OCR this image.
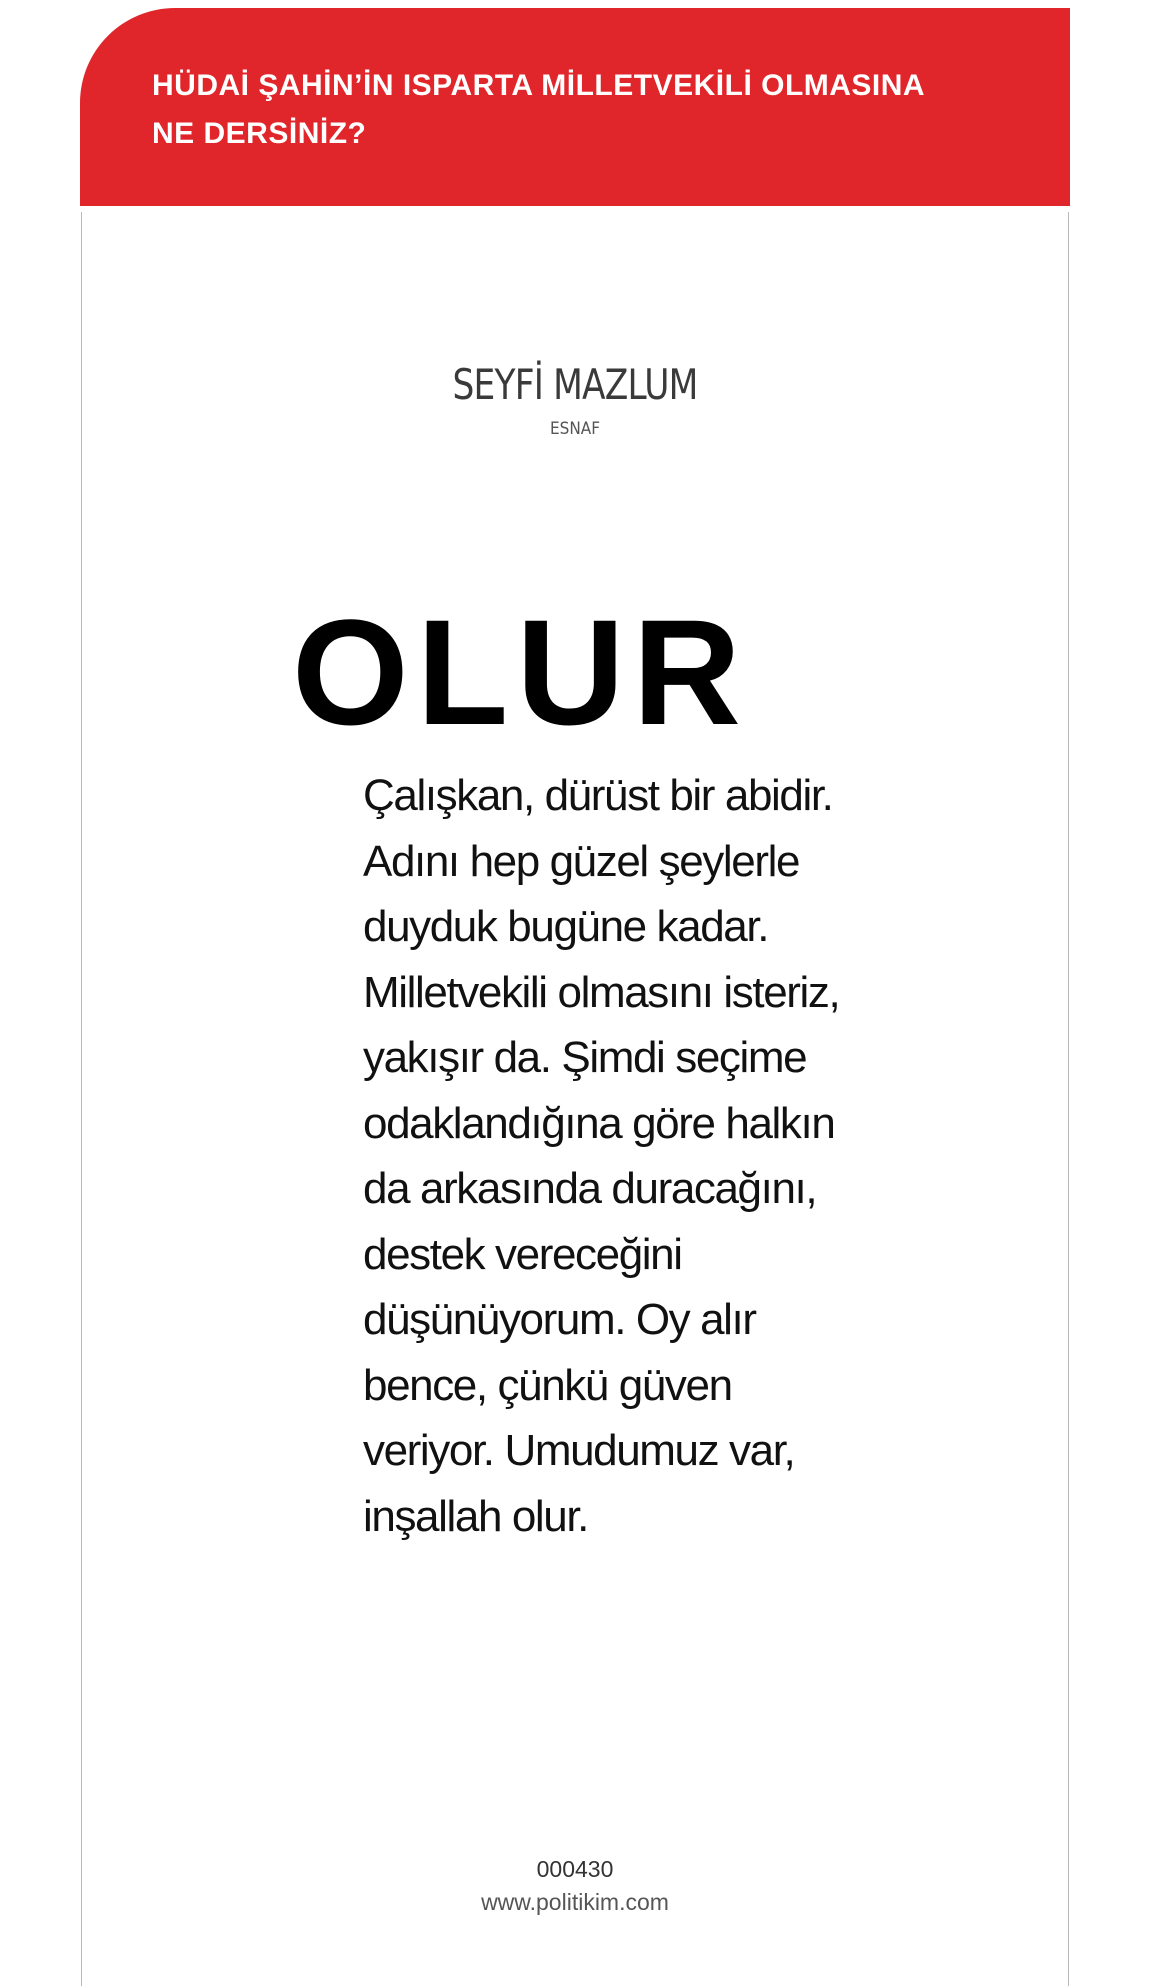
HÜDAİ ŞAHİN’İN ISPARTA MİLLETVEKİLİ OLMASINA
NE DERSİNİZ?
SEYFİ MAZLUM
ESNAF
OLUR
Çalışkan, dürüst bir abidir.
Adını hep güzel şeylerle
duyduk bugüne kadar.
Milletvekili olmasını isteriz,
yakışır da. Şimdi seçime
odaklandığına göre halkın
da arkasında duracağını,
destek vereceğini
düşünüyorum. Oy alır
bence, çünkü güven
veriyor. Umudumuz var,
inşallah olur.
000430
www.politikim.com
